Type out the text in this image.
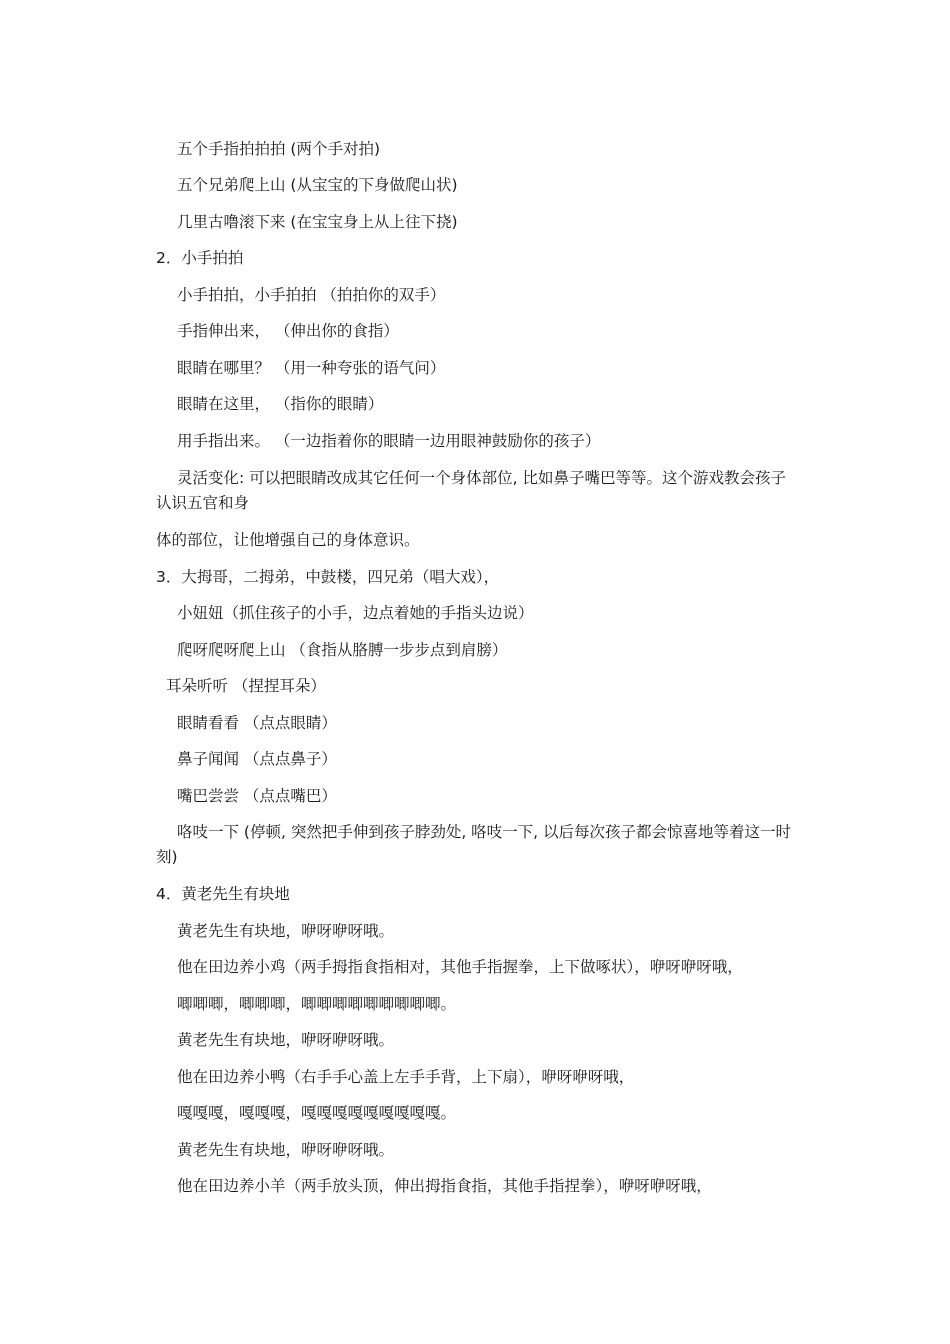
五个手指拍拍拍 (两个手对拍)
五个兄弟爬上山 (从宝宝的下身做爬山状)
几里古噜滚下来 (在宝宝身上从上往下挠)
2．小手拍拍
小手拍拍，小手拍拍 （拍拍你的双手）
手指伸出来， （伸出你的食指）
眼睛在哪里？ （用一种夸张的语气问）
眼睛在这里， （指你的眼睛）
用手指出来。 （一边指着你的眼睛一边用眼神鼓励你的孩子）
灵活变化: 可以把眼睛改成其它任何一个身体部位, 比如鼻子嘴巴等等。这个游戏教会孩子认识五官和身
体的部位，让他增强自己的身体意识。
3．大拇哥，二拇弟，中鼓楼，四兄弟（唱大戏），
小妞妞（抓住孩子的小手，边点着她的手指头边说）
爬呀爬呀爬上山 （食指从胳膊一步步点到肩膀）
耳朵听听 （捏捏耳朵）
眼睛看看 （点点眼睛）
鼻子闻闻 （点点鼻子）
嘴巴尝尝 （点点嘴巴）
咯吱一下 (停顿, 突然把手伸到孩子脖劲处, 咯吱一下, 以后每次孩子都会惊喜地等着这一时刻)
4．黄老先生有块地
黄老先生有块地，咿呀咿呀哦。
他在田边养小鸡（两手拇指食指相对，其他手指握拳，上下做啄状），咿呀咿呀哦，
唧唧唧，唧唧唧，唧唧唧唧唧唧唧唧唧。
黄老先生有块地，咿呀咿呀哦。
他在田边养小鸭（右手手心盖上左手手背，上下扇），咿呀咿呀哦，
嘎嘎嘎，嘎嘎嘎，嘎嘎嘎嘎嘎嘎嘎嘎嘎。
黄老先生有块地，咿呀咿呀哦。
他在田边养小羊（两手放头顶，伸出拇指食指，其他手指捏拳），咿呀咿呀哦，
